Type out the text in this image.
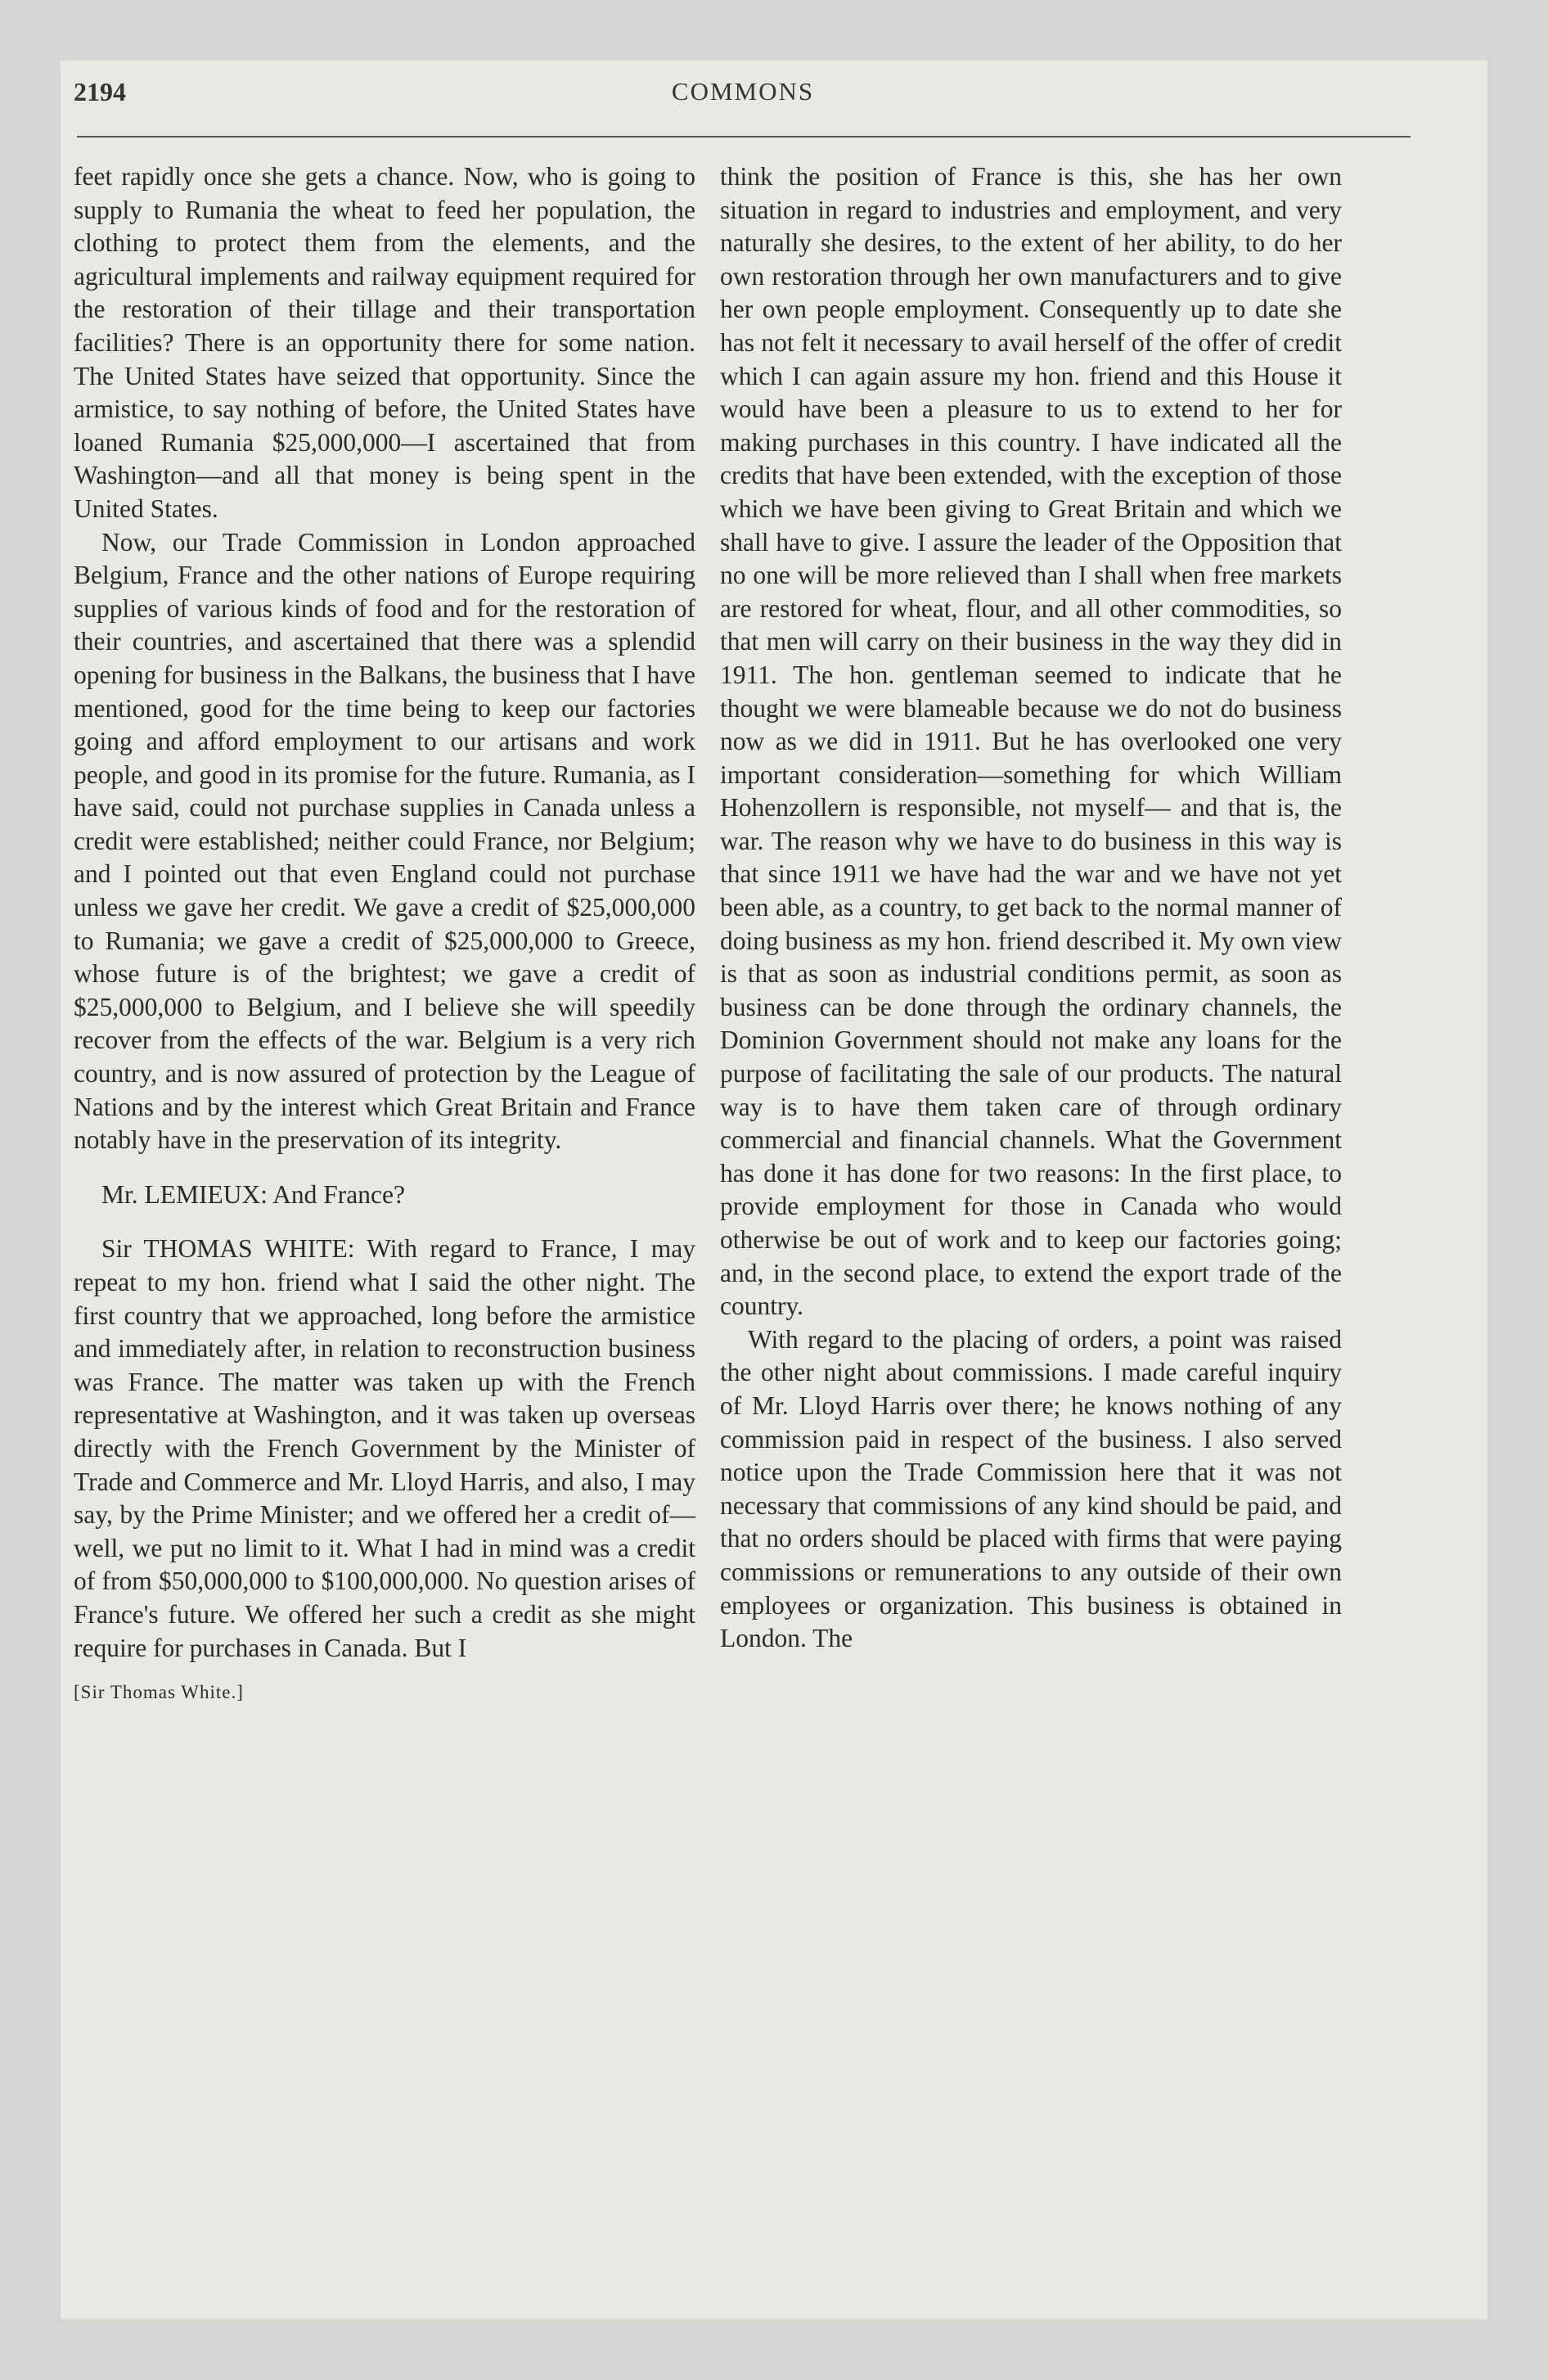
2194	COMMONS

feet rapidly once she gets a chance. Now, who is going to supply to Rumania the wheat to feed her population, the clothing to protect them from the elements, and the agricultural implements and railway equipment required for the restoration of their tillage and their transportation facilities? There is an opportunity there for some nation. The United States have seized that opportunity. Since the armistice, to say nothing of before, the United States have loaned Rumania $25,000,000—I ascertained that from Washington—and all that money is being spent in the United States.

Now, our Trade Commission in London approached Belgium, France and the other nations of Europe requiring supplies of various kinds of food and for the restoration of their countries, and ascertained that there was a splendid opening for business in the Balkans, the business that I have mentioned, good for the time being to keep our factories going and afford employment to our artisans and work people, and good in its promise for the future. Rumania, as I have said, could not purchase supplies in Canada unless a credit were established; neither could France, nor Belgium; and I pointed out that even England could not purchase unless we gave her credit. We gave a credit of $25,000,000 to Rumania; we gave a credit of $25,000,000 to Greece, whose future is of the brightest; we gave a credit of $25,000,000 to Belgium, and I believe she will speedily recover from the effects of the war. Belgium is a very rich country, and is now assured of protection by the League of Nations and by the interest which Great Britain and France notably have in the preservation of its integrity.

Mr. LEMIEUX: And France?

Sir THOMAS WHITE: With regard to France, I may repeat to my hon. friend what I said the other night. The first country that we approached, long before the armistice and immediately after, in relation to reconstruction business was France. The matter was taken up with the French representative at Washington, and it was taken up overseas directly with the French Government by the Minister of Trade and Commerce and Mr. Lloyd Harris, and also, I may say, by the Prime Minister; and we offered her a credit of—well, we put no limit to it. What I had in mind was a credit of from $50,000,000 to $100,000,000. No question arises of France's future. We offered her such a credit as she might require for purchases in Canada. But I

[Sir Thomas White.]

think the position of France is this, she has her own situation in regard to industries and employment, and very naturally she desires, to the extent of her ability, to do her own restoration through her own manufacturers and to give her own people employment. Consequently up to date she has not felt it necessary to avail herself of the offer of credit which I can again assure my hon. friend and this House it would have been a pleasure to us to extend to her for making purchases in this country. I have indicated all the credits that have been extended, with the exception of those which we have been giving to Great Britain and which we shall have to give. I assure the leader of the Opposition that no one will be more relieved than I shall when free markets are restored for wheat, flour, and all other commodities, so that men will carry on their business in the way they did in 1911. The hon. gentleman seemed to indicate that he thought we were blameable because we do not do business now as we did in 1911. But he has overlooked one very important consideration—something for which William Hohenzollern is responsible, not myself— and that is, the war. The reason why we have to do business in this way is that since 1911 we have had the war and we have not yet been able, as a country, to get back to the normal manner of doing business as my hon. friend described it. My own view is that as soon as industrial conditions permit, as soon as business can be done through the ordinary channels, the Dominion Government should not make any loans for the purpose of facilitating the sale of our products. The natural way is to have them taken care of through ordinary commercial and financial channels. What the Government has done it has done for two reasons: In the first place, to provide employment for those in Canada who would otherwise be out of work and to keep our factories going; and, in the second place, to extend the export trade of the country.

With regard to the placing of orders, a point was raised the other night about commissions. I made careful inquiry of Mr. Lloyd Harris over there; he knows nothing of any commission paid in respect of the business. I also served notice upon the Trade Commission here that it was not necessary that commissions of any kind should be paid, and that no orders should be placed with firms that were paying commissions or remunerations to any outside of their own employees or organization. This business is obtained in London. The
